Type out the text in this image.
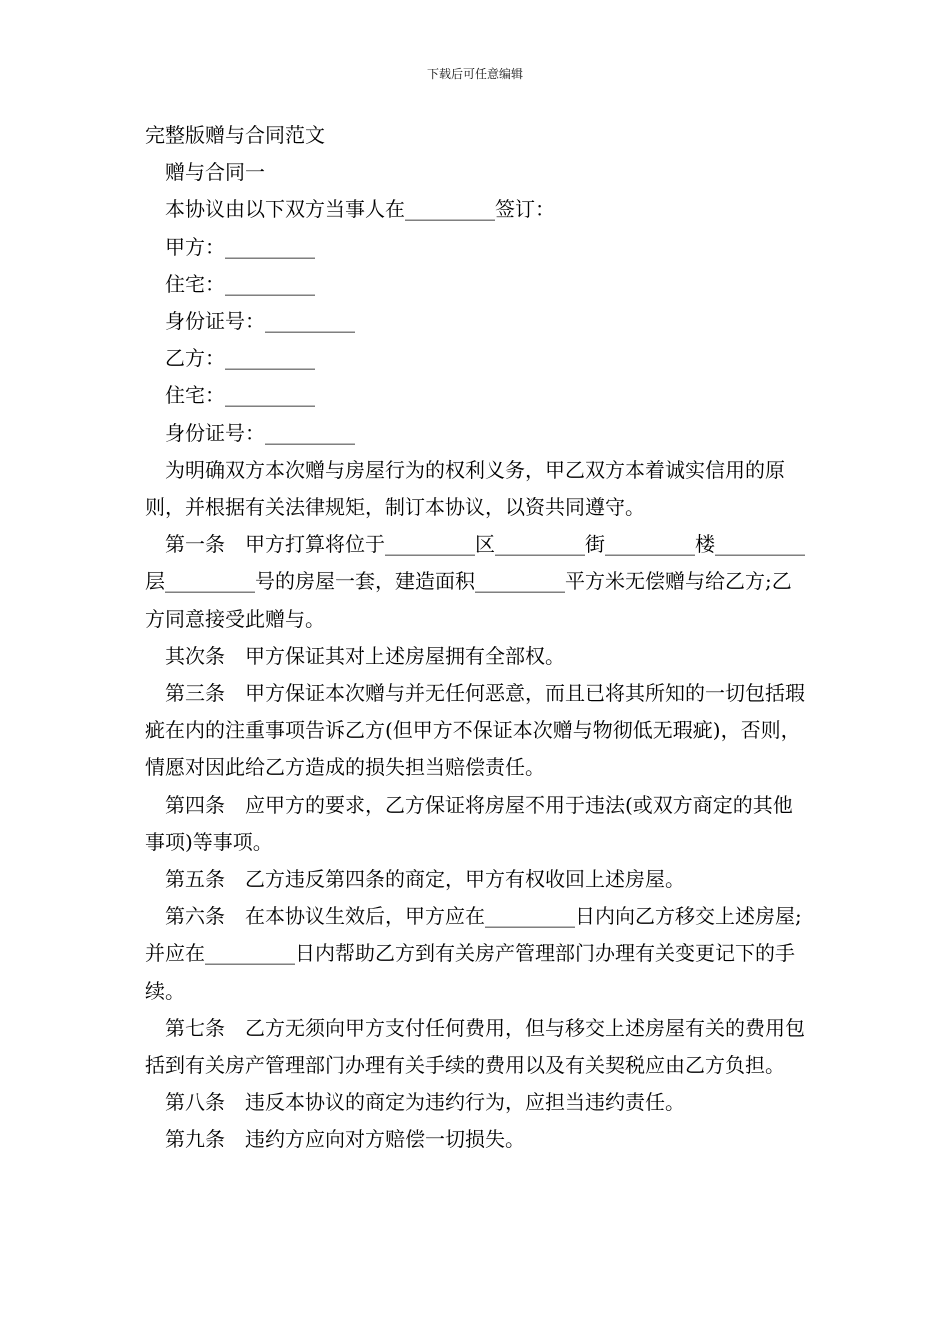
下载后可任意编辑

完整版赠与合同范文

赠与合同一

本协议由以下双方当事人在_________签订：

甲方：_________

住宅：_________

身份证号：_________

乙方：_________

住宅：_________

身份证号：_________

为明确双方本次赠与房屋行为的权利义务，甲乙双方本着诚实信用的原则，并根据有关法律规矩，制订本协议，以资共同遵守。

第一条　甲方打算将位于_________区_________街_________楼_________层_________号的房屋一套，建造面积_________平方米无偿赠与给乙方;乙方同意接受此赠与。

其次条　甲方保证其对上述房屋拥有全部权。

第三条　甲方保证本次赠与并无任何恶意，而且已将其所知的一切包括瑕疵在内的注重事项告诉乙方(但甲方不保证本次赠与物彻低无瑕疵)，否则，情愿对因此给乙方造成的损失担当赔偿责任。

第四条　应甲方的要求，乙方保证将房屋不用于违法(或双方商定的其他事项)等事项。

第五条　乙方违反第四条的商定，甲方有权收回上述房屋。

第六条　在本协议生效后，甲方应在_________日内向乙方移交上述房屋;并应在_________日内帮助乙方到有关房产管理部门办理有关变更记下的手续。

第七条　乙方无须向甲方支付任何费用，但与移交上述房屋有关的费用包括到有关房产管理部门办理有关手续的费用以及有关契税应由乙方负担。

第八条　违反本协议的商定为违约行为，应担当违约责任。

第九条　违约方应向对方赔偿一切损失。
